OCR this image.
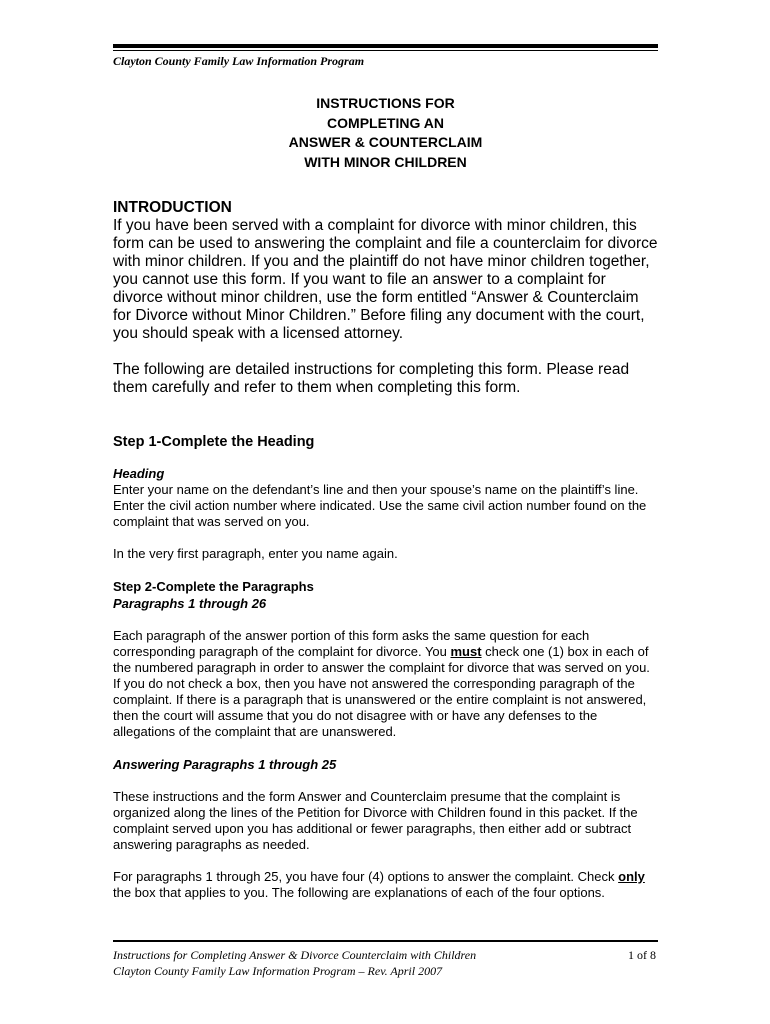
Clayton County Family Law Information Program
INSTRUCTIONS FOR
COMPLETING AN
ANSWER & COUNTERCLAIM
WITH MINOR CHILDREN

INTRODUCTION

If you have been served with a complaint for divorce with minor children, this form can be used to answering the complaint and file a counterclaim for divorce with minor children. If you and the plaintiff do not have minor children together, you cannot use this form. If you want to file an answer to a complaint for divorce without minor children, use the form entitled “Answer & Counterclaim for Divorce without Minor Children.” Before filing any document with the court, you should speak with a licensed attorney.

The following are detailed instructions for completing this form. Please read them carefully and refer to them when completing this form.

Step 1-Complete the Heading

Heading

Enter your name on the defendant’s line and then your spouse’s name on the plaintiff’s line. Enter the civil action number where indicated. Use the same civil action number found on the complaint that was served on you.

In the very first paragraph, enter you name again.

Step 2-Complete the Paragraphs

Paragraphs 1 through 26

Each paragraph of the answer portion of this form asks the same question for each corresponding paragraph of the complaint for divorce. You must check one (1) box in each of the numbered paragraph in order to answer the complaint for divorce that was served on you. If you do not check a box, then you have not answered the corresponding paragraph of the complaint. If there is a paragraph that is unanswered or the entire complaint is not answered, then the court will assume that you do not disagree with or have any defenses to the allegations of the complaint that are unanswered.

Answering Paragraphs 1 through 25

These instructions and the form Answer and Counterclaim presume that the complaint is organized along the lines of the Petition for Divorce with Children found in this packet. If the complaint served upon you has additional or fewer paragraphs, then either add or subtract answering paragraphs as needed.

For paragraphs 1 through 25, you have four (4) options to answer the complaint. Check only the box that applies to you. The following are explanations of each of the four options.

Instructions for Completing Answer & Divorce Counterclaim with Children
Clayton County Family Law Information Program – Rev. April 2007
1 of 8
